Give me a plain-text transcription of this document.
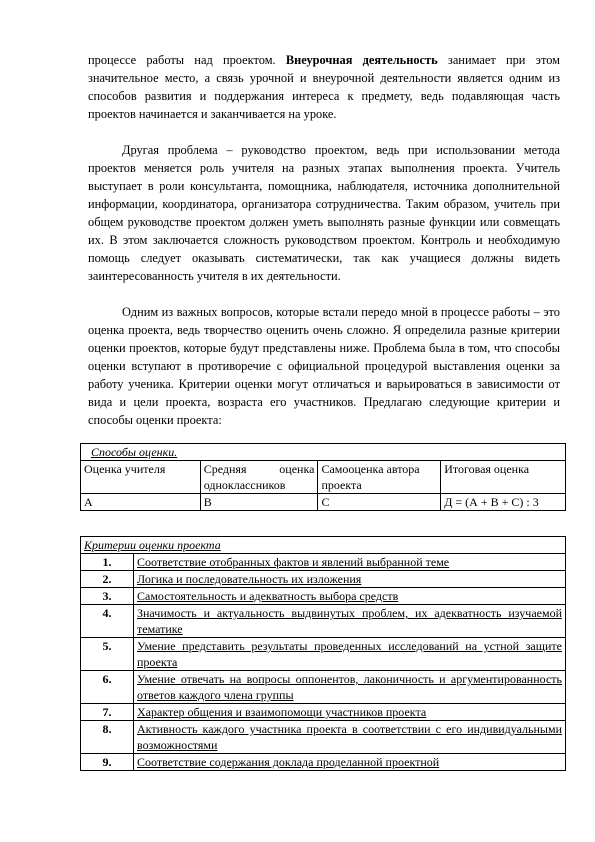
процессе работы над проектом. Внеурочная деятельность занимает при этом значительное место, а связь урочной и внеурочной деятельности является одним из способов развития и поддержания интереса к предмету, ведь подавляющая часть проектов начинается и заканчивается на уроке.

Другая проблема – руководство проектом, ведь при использовании метода проектов меняется роль учителя на разных этапах выполнения проекта. Учитель выступает в роли консультанта, помощника, наблюдателя, источника дополнительной информации, координатора, организатора сотрудничества. Таким образом, учитель при общем руководстве проектом должен уметь выполнять разные функции или совмещать их. В этом заключается сложность руководством проектом. Контроль и необходимую помощь следует оказывать систематически, так как учащиеся должны видеть заинтересованность учителя в их деятельности.

Одним из важных вопросов, которые встали передо мной в процессе работы – это оценка проекта, ведь творчество оценить очень сложно. Я определила разные критерии оценки проектов, которые будут представлены ниже. Проблема была в том, что способы оценки вступают в противоречие с официальной процедурой выставления оценки за работу ученика. Критерии оценки могут отличаться и варьироваться в зависимости от вида и цели проекта, возраста его участников. Предлагаю следующие критерии и способы оценки проекта:

Способы оценки.			
Оценка учителя	Средняя оценка одноклассников	Самооценка автора проекта	Итоговая оценка
А	В	С	Д = (А + В + С) : 3
Критерии оценки проекта	
1.	Соответствие отобранных фактов и явлений выбранной теме
2.	Логика и последовательность их изложения
3.	Самостоятельность и адекватность выбора средств
4.	Значимость и актуальность выдвинутых проблем, их адекватность изучаемой тематике
5.	Умение представить результаты проведенных исследований на устной защите проекта
6.	Умение отвечать на вопросы оппонентов, лаконичность и аргументированность ответов каждого члена группы
7.	Характер общения и взаимопомощи участников проекта
8.	Активность каждого участника проекта в соответствии с его индивидуальными возможностями
9.	Соответствие содержания доклада проделанной проектной
